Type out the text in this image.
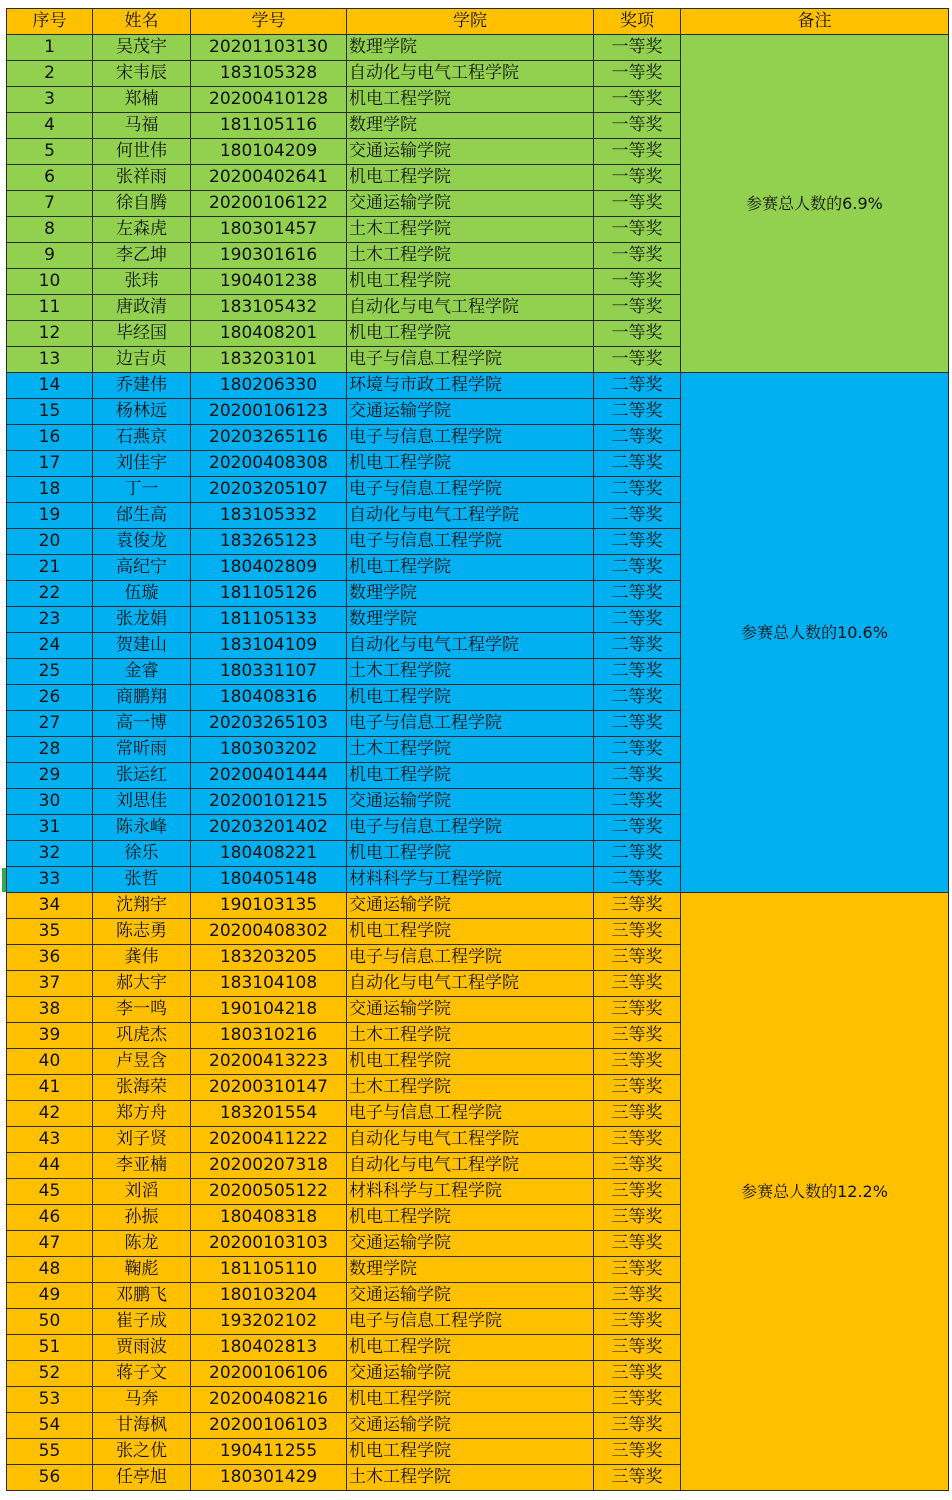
序号	姓名	学号	学院	奖项	备注
1	吴茂宇	20201103130	数理学院	一等奖	参赛总人数的6.9%
2	宋韦辰	183105328	自动化与电气工程学院	一等奖	
3	郑楠	20200410128	机电工程学院	一等奖	
4	马福	181105116	数理学院	一等奖	
5	何世伟	180104209	交通运输学院	一等奖	
6	张祥雨	20200402641	机电工程学院	一等奖	
7	徐自腾	20200106122	交通运输学院	一等奖	
8	左森虎	180301457	土木工程学院	一等奖	
9	李乙坤	190301616	土木工程学院	一等奖	
10	张玮	190401238	机电工程学院	一等奖	
11	唐政清	183105432	自动化与电气工程学院	一等奖	
12	毕经国	180408201	机电工程学院	一等奖	
13	边吉贞	183203101	电子与信息工程学院	一等奖	
14	乔建伟	180206330	环境与市政工程学院	二等奖	参赛总人数的10.6%
15	杨林远	20200106123	交通运输学院	二等奖	
16	石燕京	20203265116	电子与信息工程学院	二等奖	
17	刘佳宇	20200408308	机电工程学院	二等奖	
18	丁一	20203205107	电子与信息工程学院	二等奖	
19	邰生高	183105332	自动化与电气工程学院	二等奖	
20	袁俊龙	183265123	电子与信息工程学院	二等奖	
21	高纪宁	180402809	机电工程学院	二等奖	
22	伍璇	181105126	数理学院	二等奖	
23	张龙娟	181105133	数理学院	二等奖	
24	贺建山	183104109	自动化与电气工程学院	二等奖	
25	金睿	180331107	土木工程学院	二等奖	
26	商鹏翔	180408316	机电工程学院	二等奖	
27	高一博	20203265103	电子与信息工程学院	二等奖	
28	常昕雨	180303202	土木工程学院	二等奖	
29	张运红	20200401444	机电工程学院	二等奖	
30	刘思佳	20200101215	交通运输学院	二等奖	
31	陈永峰	20203201402	电子与信息工程学院	二等奖	
32	徐乐	180408221	机电工程学院	二等奖	
33	张哲	180405148	材料科学与工程学院	二等奖	
34	沈翔宇	190103135	交通运输学院	三等奖	参赛总人数的12.2%
35	陈志勇	20200408302	机电工程学院	三等奖	
36	龚伟	183203205	电子与信息工程学院	三等奖	
37	郝大宇	183104108	自动化与电气工程学院	三等奖	
38	李一鸣	190104218	交通运输学院	三等奖	
39	巩虎杰	180310216	土木工程学院	三等奖	
40	卢昱含	20200413223	机电工程学院	三等奖	
41	张海荣	20200310147	土木工程学院	三等奖	
42	郑方舟	183201554	电子与信息工程学院	三等奖	
43	刘子贤	20200411222	自动化与电气工程学院	三等奖	
44	李亚楠	20200207318	自动化与电气工程学院	三等奖	
45	刘滔	20200505122	材料科学与工程学院	三等奖	
46	孙振	180408318	机电工程学院	三等奖	
47	陈龙	20200103103	交通运输学院	三等奖	
48	鞠彪	181105110	数理学院	三等奖	
49	邓鹏飞	180103204	交通运输学院	三等奖	
50	崔子成	193202102	电子与信息工程学院	三等奖	
51	贾雨波	180402813	机电工程学院	三等奖	
52	蒋子文	20200106106	交通运输学院	三等奖	
53	马奔	20200408216	机电工程学院	三等奖	
54	甘海枫	20200106103	交通运输学院	三等奖	
55	张之优	190411255	机电工程学院	三等奖	
56	任亭旭	180301429	土木工程学院	三等奖	
